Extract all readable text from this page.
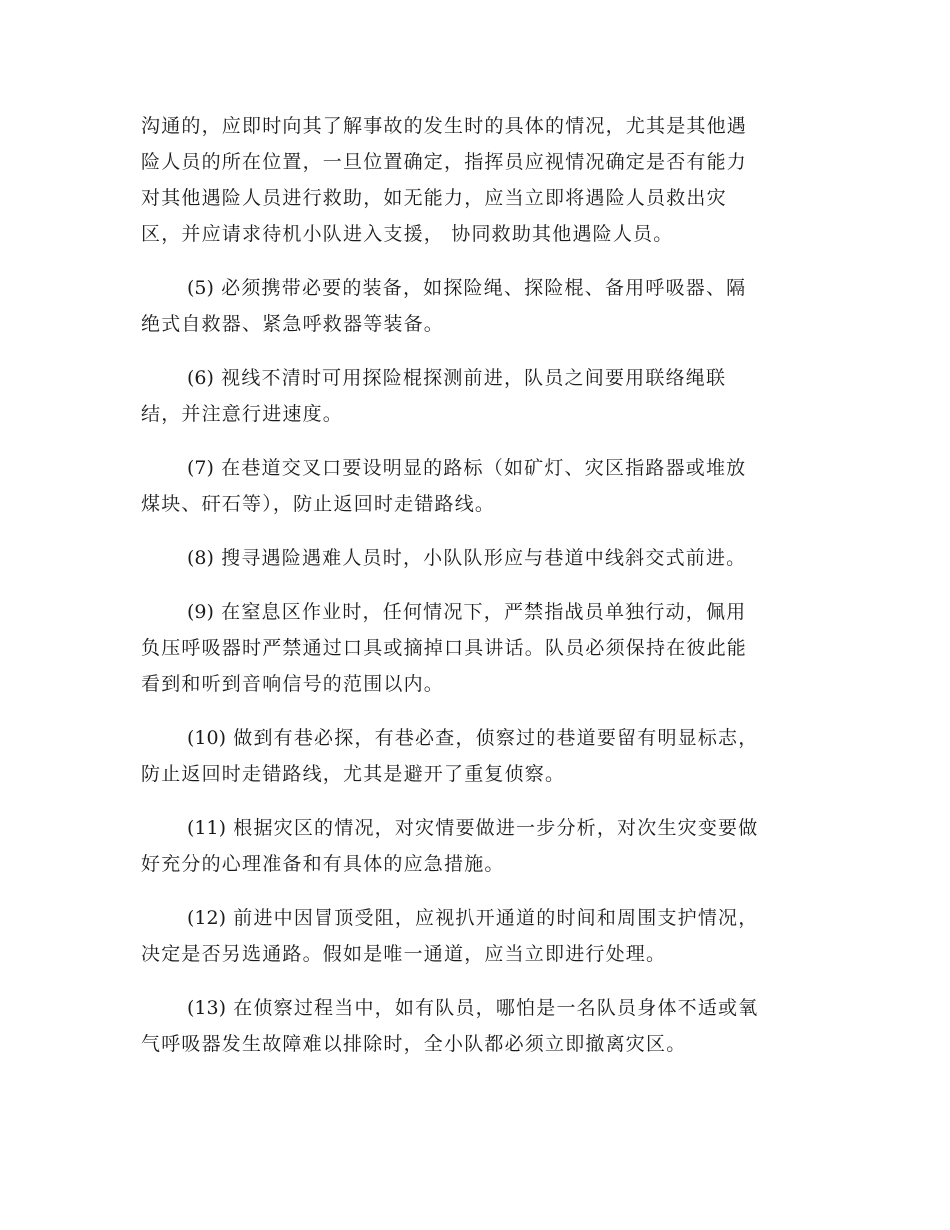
沟通的，应即时向其了解事故的发生时的具体的情况，尤其是其他遇
险人员的所在位置，一旦位置确定，指挥员应视情况确定是否有能力
对其他遇险人员进行救助，如无能力，应当立即将遇险人员救出灾
区，并应请求待机小队进入支援， 协同救助其他遇险人员。

(5) 必须携带必要的装备，如探险绳、探险棍、备用呼吸器、隔
绝式自救器、紧急呼救器等装备。

(6) 视线不清时可用探险棍探测前进，队员之间要用联络绳联
结，并注意行进速度。

(7) 在巷道交叉口要设明显的路标（如矿灯、灾区指路器或堆放
煤块、矸石等），防止返回时走错路线。

(8) 搜寻遇险遇难人员时，小队队形应与巷道中线斜交式前进。

(9) 在窒息区作业时，任何情况下，严禁指战员单独行动，佩用
负压呼吸器时严禁通过口具或摘掉口具讲话。队员必须保持在彼此能
看到和听到音响信号的范围以内。

(10) 做到有巷必探，有巷必查，侦察过的巷道要留有明显标志，
防止返回时走错路线，尤其是避开了重复侦察。

(11) 根据灾区的情况，对灾情要做进一步分析，对次生灾变要做
好充分的心理准备和有具体的应急措施。

(12) 前进中因冒顶受阻，应视扒开通道的时间和周围支护情况，
决定是否另选通路。假如是唯一通道，应当立即进行处理。

(13) 在侦察过程当中，如有队员，哪怕是一名队员身体不适或氧
气呼吸器发生故障难以排除时，全小队都必须立即撤离灾区。
